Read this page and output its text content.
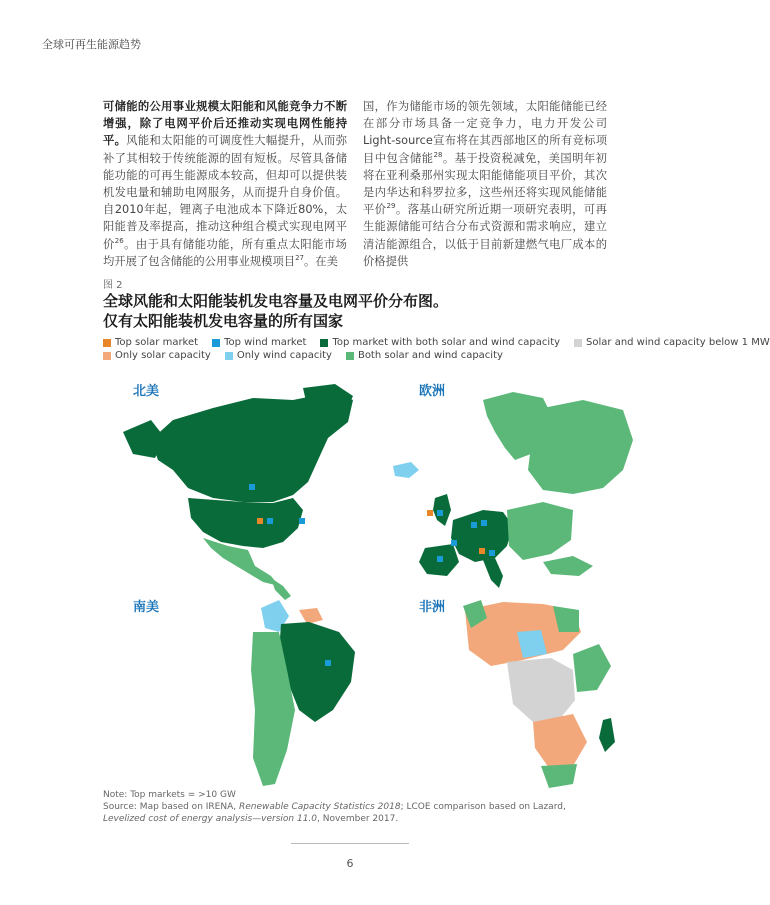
全球可再生能源趋势
可储能的公用事业规模太阳能和风能竞争力不断增强，除了电网平价后还推动实现电网性能持平。风能和太阳能的可调度性大幅提升，从而弥补了其相较于传统能源的固有短板。尽管具备储能功能的可再生能源成本较高，但却可以提供装机发电量和辅助电网服务，从而提升自身价值。自2010年起，锂离子电池成本下降近80%，太阳能普及率提高，推动这种组合模式实现电网平价$^{26}$。由于具有储能功能，所有重点太阳能市场均开展了包含储能的公用事业规模项目$^{27}$。在美
国，作为储能市场的领先领域，太阳能储能已经在部分市场具备一定竞争力，电力开发公司Light-source宣布将在其西部地区的所有竞标项目中包含储能$^{28}$。基于投资税减免，美国明年初将在亚利桑那州实现太阳能储能项目平价，其次是内华达和科罗拉多，这些州还将实现风能储能平价$^{29}$。落基山研究所近期一项研究表明，可再生能源储能可结合分布式资源和需求响应，建立清洁能源组合，以低于目前新建燃气电厂成本的价格提供
图 2
全球风能和太阳能装机发电容量及电网平价分布图。
仅有太阳能装机发电容量的所有国家
Top solar market	Top wind market	Top market with both solar and wind capacity	Solar and wind capacity below 1 MW
Only solar capacity	Only wind capacity	Both solar and wind capacity
北美	欧洲
南美	非洲
Note: Top markets = >10 GW
Source: Map based on IRENA, Renewable Capacity Statistics 2018; LCOE comparison based on Lazard,
Levelized cost of energy analysis—version 11.0, November 2017.
6
